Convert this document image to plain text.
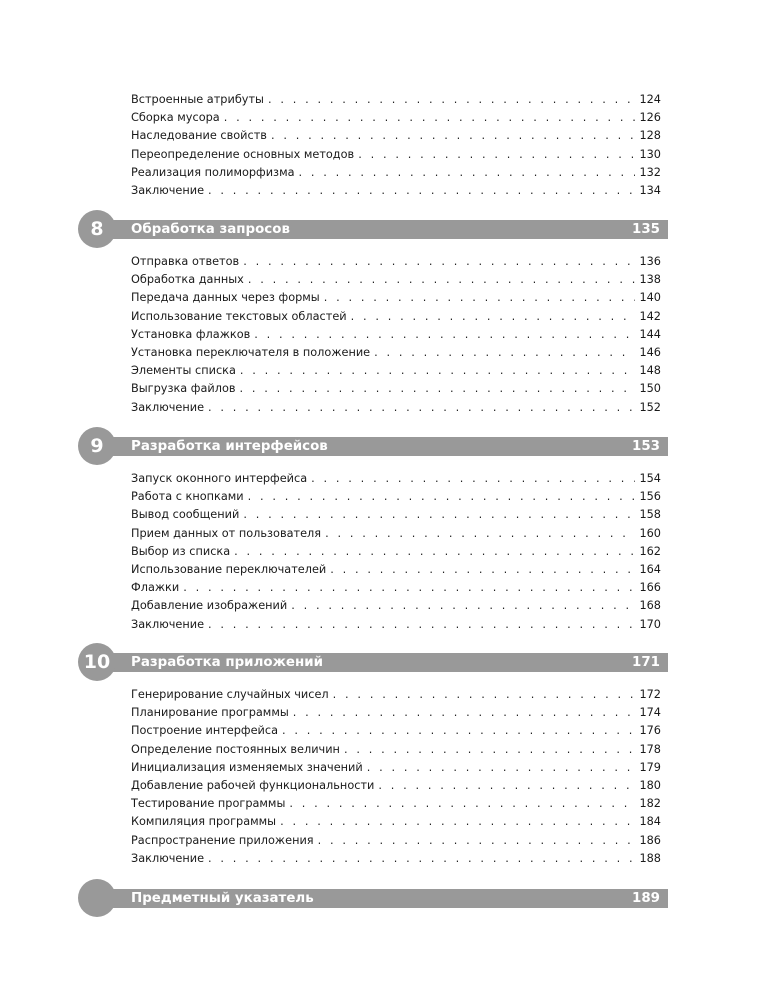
Встроенные атрибуты . . .	124
Сборка мусора . . .	126
Наследование свойств . . .	128
Переопределение основных методов . . .	130
Реализация полиморфизма . . .	132
Заключение . . .	134
8 Обработка запросов	135
Отправка ответов . . .	136
Обработка данных . . .	138
Передача данных через формы . . .	140
Использование текстовых областей . . .	142
Установка флажков . . .	144
Установка переключателя в положение . . .	146
Элементы списка . . .	148
Выгрузка файлов . . .	150
Заключение . . .	152
9 Разработка интерфейсов	153
Запуск оконного интерфейса . . .	154
Работа с кнопками . . .	156
Вывод сообщений . . .	158
Прием данных от пользователя . . .	160
Выбор из списка . . .	162
Использование переключателей . . .	164
Флажки . . .	166
Добавление изображений . . .	168
Заключение . . .	170
10 Разработка приложений	171
Генерирование случайных чисел . . .	172
Планирование программы . . .	174
Построение интерфейса . . .	176
Определение постоянных величин . . .	178
Инициализация изменяемых значений . . .	179
Добавление рабочей функциональности . . .	180
Тестирование программы . . .	182
Компиляция программы . . .	184
Распространение приложения . . .	186
Заключение . . .	188
Предметный указатель	189
